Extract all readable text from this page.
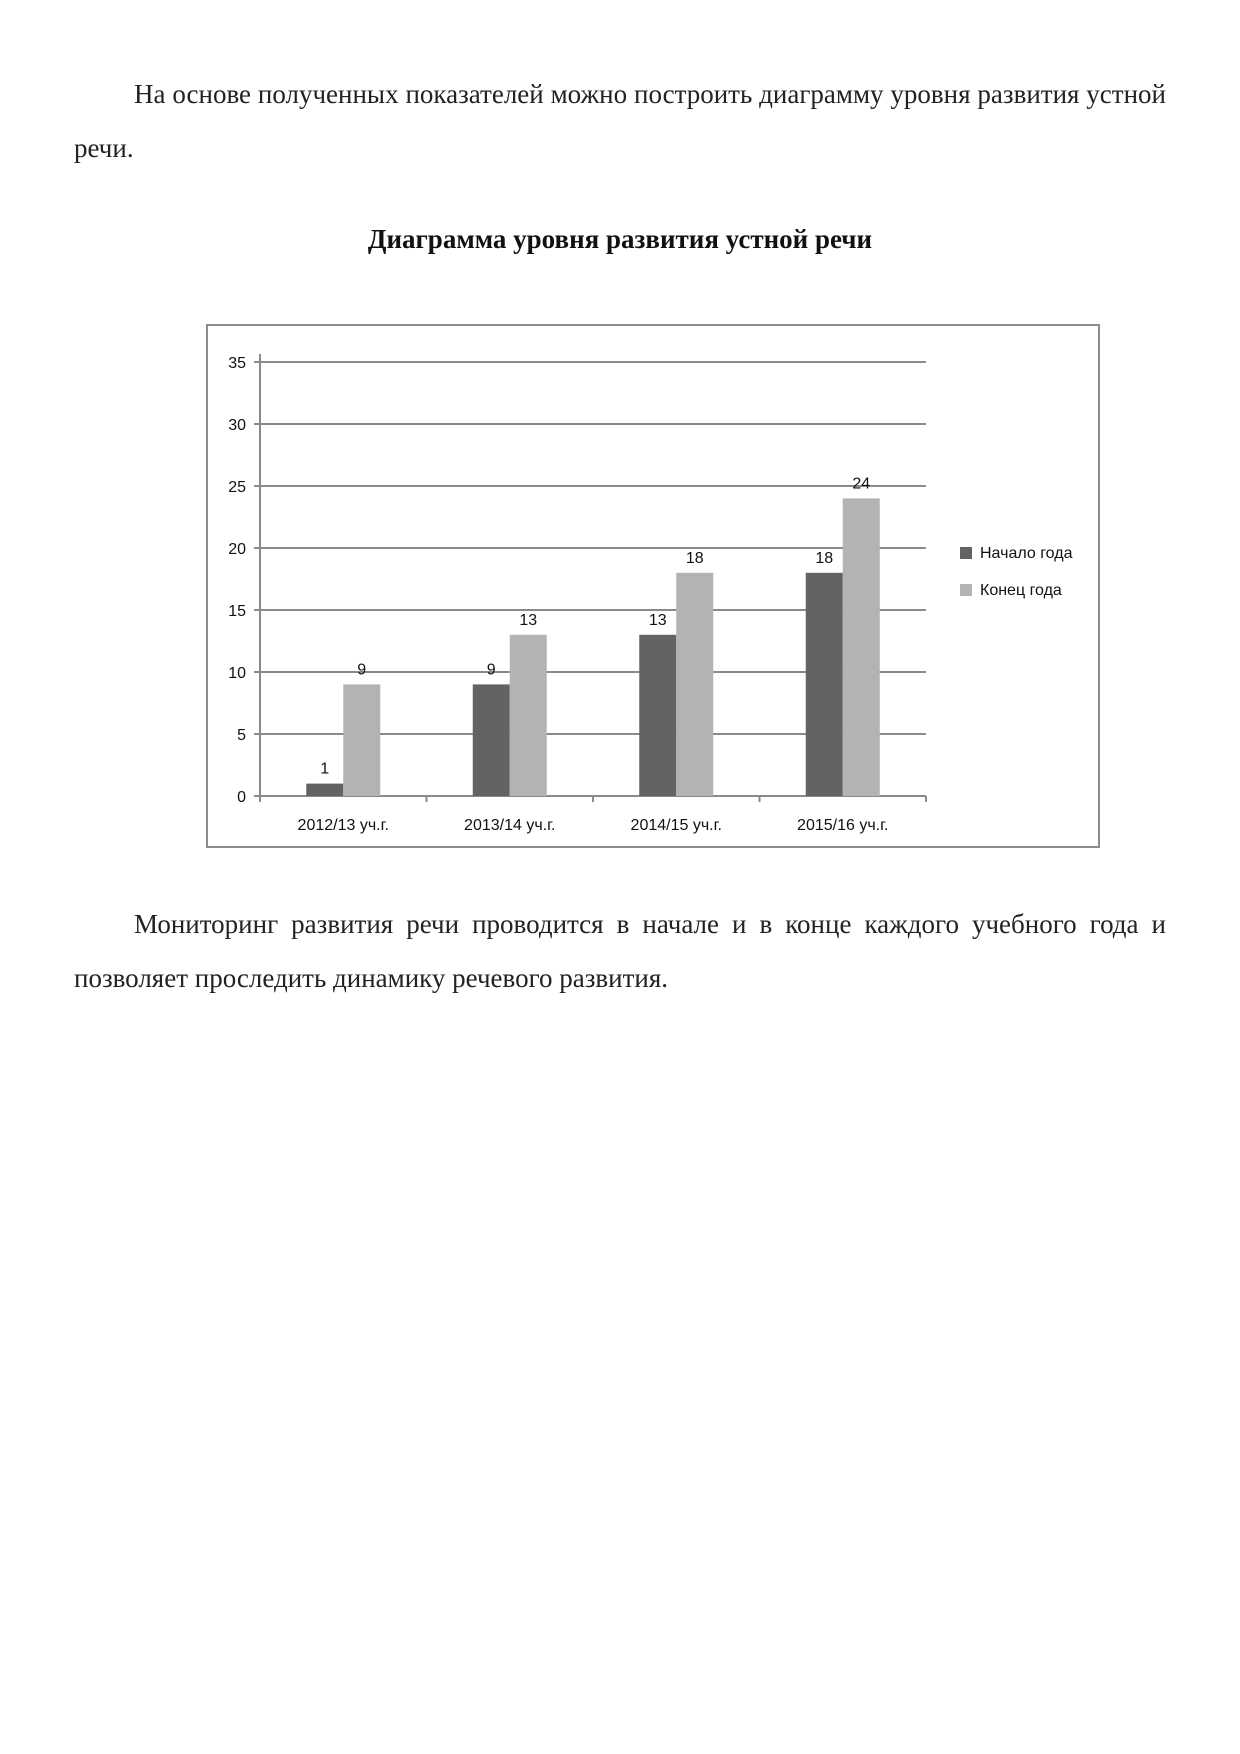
На основе полученных показателей можно построить диаграмму уровня развития устной речи.

Диаграмма уровня развития устной речи
0
5
10
15
20
25
30
35
2012/13 уч.г.
1
9
2013/14 уч.г.
9
13
2014/15 уч.г.
13
18
2015/16 уч.г.
18
24
Начало года
Конец года

Мониторинг развития речи проводится в начале и в конце каждого учебного года и позволяет проследить динамику речевого развития.
